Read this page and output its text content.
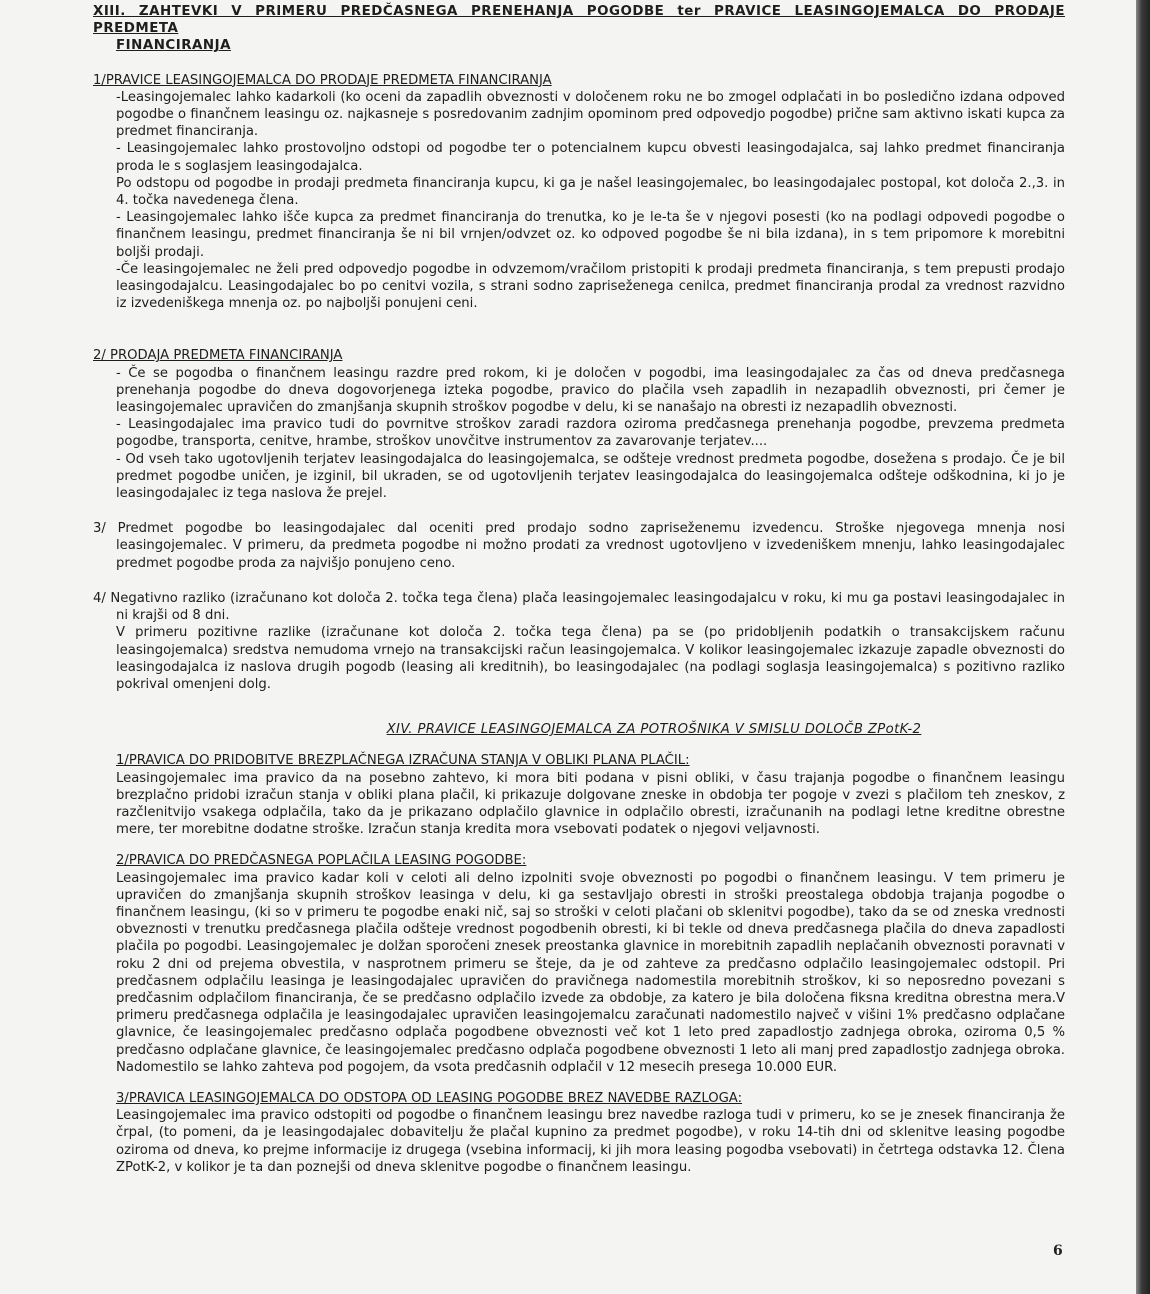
XIII. ZAHTEVKI V PRIMERU PREDČASNEGA PRENEHANJA POGODBE ter PRAVICE LEASINGOJEMALCA DO PRODAJE PREDMETA
FINANCIRANJA

1/PRAVICE LEASINGOJEMALCA DO PRODAJE PREDMETA FINANCIRANJA

-Leasingojemalec lahko kadarkoli (ko oceni da zapadlih obveznosti v določenem roku ne bo zmogel odplačati in bo posledično izdana odpoved pogodbe o finančnem leasingu oz. najkasneje s posredovanim zadnjim opominom pred odpovedjo pogodbe) prične sam aktivno iskati kupca za predmet financiranja.

- Leasingojemalec lahko prostovoljno odstopi od pogodbe ter o potencialnem kupcu obvesti leasingodajalca, saj lahko predmet financiranja proda le s soglasjem leasingodajalca.

Po odstopu od pogodbe in prodaji predmeta financiranja kupcu, ki ga je našel leasingojemalec, bo leasingodajalec postopal, kot določa 2.,3. in 4. točka navedenega člena.

- Leasingojemalec lahko išče kupca za predmet financiranja do trenutka, ko je le-ta še v njegovi posesti (ko na podlagi odpovedi pogodbe o finančnem leasingu, predmet financiranja še ni bil vrnjen/odvzet oz. ko odpoved pogodbe še ni bila izdana), in s tem pripomore k morebitni boljši prodaji.

-Če leasingojemalec ne želi pred odpovedjo pogodbe in odvzemom/vračilom pristopiti k prodaji predmeta financiranja, s tem prepusti prodajo leasingodajalcu. Leasingodajalec bo po cenitvi vozila, s strani sodno zapriseženega cenilca, predmet financiranja prodal za vrednost razvidno iz izvedeniškega mnenja oz. po najboljši ponujeni ceni.

2/ PRODAJA PREDMETA FINANCIRANJA

- Če se pogodba o finančnem leasingu razdre pred rokom, ki je določen v pogodbi, ima leasingodajalec za čas od dneva predčasnega prenehanja pogodbe do dneva dogovorjenega izteka pogodbe, pravico do plačila vseh zapadlih in nezapadlih obveznosti, pri čemer je leasingojemalec upravičen do zmanjšanja skupnih stroškov pogodbe v delu, ki se nanašajo na obresti iz nezapadlih obveznosti.

- Leasingodajalec ima pravico tudi do povrnitve stroškov zaradi razdora oziroma predčasnega prenehanja pogodbe, prevzema predmeta pogodbe, transporta, cenitve, hrambe, stroškov unovčitve instrumentov za zavarovanje terjatev....

- Od vseh tako ugotovljenih terjatev leasingodajalca do leasingojemalca, se odšteje vrednost predmeta pogodbe, dosežena s prodajo. Če je bil predmet pogodbe uničen, je izginil, bil ukraden, se od ugotovljenih terjatev leasingodajalca do leasingojemalca odšteje odškodnina, ki jo je leasingodajalec iz tega naslova že prejel.

3/ Predmet pogodbe bo leasingodajalec dal oceniti pred prodajo sodno zapriseženemu izvedencu. Stroške njegovega mnenja nosi leasingojemalec. V primeru, da predmeta pogodbe ni možno prodati za vrednost ugotovljeno v izvedeniškem mnenju, lahko leasingodajalec predmet pogodbe proda za najvišjo ponujeno ceno.

4/ Negativno razliko (izračunano kot določa 2. točka tega člena) plača leasingojemalec leasingodajalcu v roku, ki mu ga postavi leasingodajalec in ni krajši od 8 dni.

V primeru pozitivne razlike (izračunane kot določa 2. točka tega člena) pa se (po pridobljenih podatkih o transakcijskem računu leasingojemalca) sredstva nemudoma vrnejo na transakcijski račun leasingojemalca. V kolikor leasingojemalec izkazuje zapadle obveznosti do leasingodajalca iz naslova drugih pogodb (leasing ali kreditnih), bo leasingodajalec (na podlagi soglasja leasingojemalca) s pozitivno razliko pokrival omenjeni dolg.

XIV. PRAVICE LEASINGOJEMALCA ZA POTROŠNIKA V SMISLU DOLOČB ZPotK-2

1/PRAVICA DO PRIDOBITVE BREZPLAČNEGA IZRAČUNA STANJA V OBLIKI PLANA PLAČIL:

Leasingojemalec ima pravico da na posebno zahtevo, ki mora biti podana v pisni obliki, v času trajanja pogodbe o finančnem leasingu brezplačno pridobi izračun stanja v obliki plana plačil, ki prikazuje dolgovane zneske in obdobja ter pogoje v zvezi s plačilom teh zneskov, z razčlenitvijo vsakega odplačila, tako da je prikazano odplačilo glavnice in odplačilo obresti, izračunanih na podlagi letne kreditne obrestne mere, ter morebitne dodatne stroške. Izračun stanja kredita mora vsebovati podatek o njegovi veljavnosti.

2/PRAVICA DO PREDČASNEGA POPLAČILA LEASING POGODBE:

Leasingojemalec ima pravico kadar koli v celoti ali delno izpolniti svoje obveznosti po pogodbi o finančnem leasingu. V tem primeru je upravičen do zmanjšanja skupnih stroškov leasinga v delu, ki ga sestavljajo obresti in stroški preostalega obdobja trajanja pogodbe o finančnem leasingu, (ki so v primeru te pogodbe enaki nič, saj so stroški v celoti plačani ob sklenitvi pogodbe), tako da se od zneska vrednosti obveznosti v trenutku predčasnega plačila odšteje vrednost pogodbenih obresti, ki bi tekle od dneva predčasnega plačila do dneva zapadlosti plačila po pogodbi. Leasingojemalec je dolžan sporočeni znesek preostanka glavnice in morebitnih zapadlih neplačanih obveznosti poravnati v roku 2 dni od prejema obvestila, v nasprotnem primeru se šteje, da je od zahteve za predčasno odplačilo leasingojemalec odstopil. Pri predčasnem odplačilu leasinga je leasingodajalec upravičen do pravičnega nadomestila morebitnih stroškov, ki so neposredno povezani s predčasnim odplačilom financiranja, če se predčasno odplačilo izvede za obdobje, za katero je bila določena fiksna kreditna obrestna mera.V primeru predčasnega odplačila je leasingodajalec upravičen leasingojemalcu zaračunati nadomestilo največ v višini 1% predčasno odplačane glavnice, če leasingojemalec predčasno odplača pogodbene obveznosti več kot 1 leto pred zapadlostjo zadnjega obroka, oziroma 0,5 % predčasno odplačane glavnice, če leasingojemalec predčasno odplača pogodbene obveznosti 1 leto ali manj pred zapadlostjo zadnjega obroka. Nadomestilo se lahko zahteva pod pogojem, da vsota predčasnih odplačil v 12 mesecih presega 10.000 EUR.

3/PRAVICA LEASINGOJEMALCA DO ODSTOPA OD LEASING POGODBE BREZ NAVEDBE RAZLOGA:

Leasingojemalec ima pravico odstopiti od pogodbe o finančnem leasingu brez navedbe razloga tudi v primeru, ko se je znesek financiranja že črpal, (to pomeni, da je leasingodajalec dobavitelju že plačal kupnino za predmet pogodbe), v roku 14-tih dni od sklenitve leasing pogodbe oziroma od dneva, ko prejme informacije iz drugega (vsebina informacij, ki jih mora leasing pogodba vsebovati) in četrtega odstavka 12. Člena ZPotK-2, v kolikor je ta dan poznejši od dneva sklenitve pogodbe o finančnem leasingu.

6
